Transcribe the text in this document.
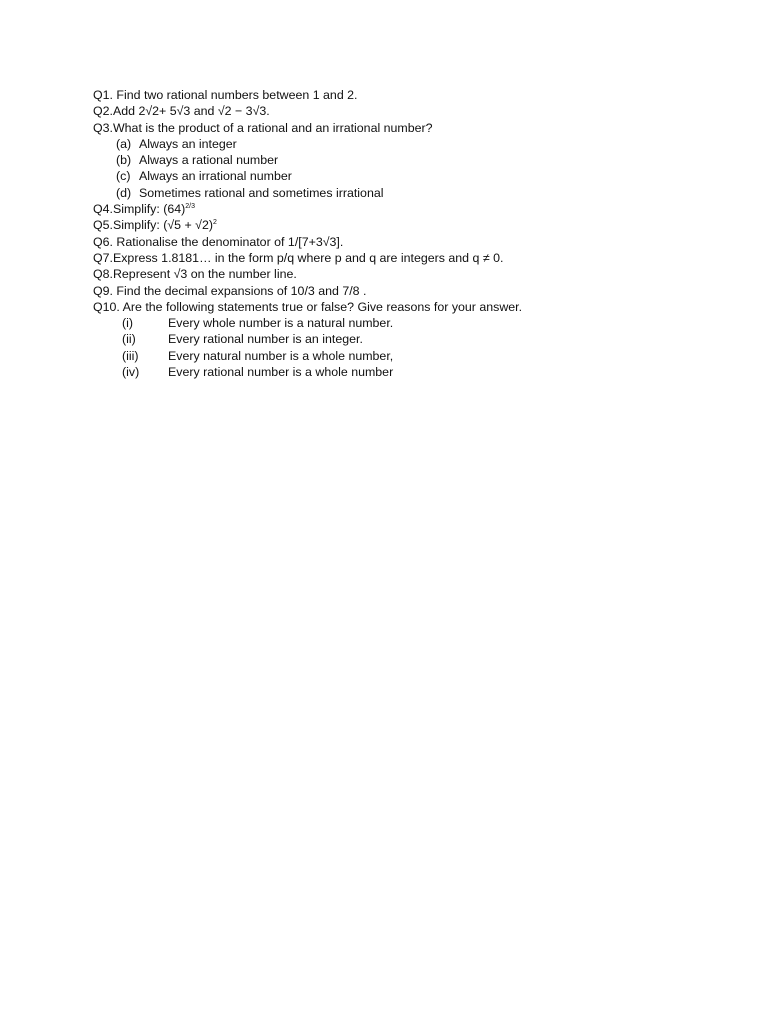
Q1. Find two rational numbers between 1 and 2.
Q2.Add 2√2+ 5√3 and √2 − 3√3.
Q3.What is the product of a rational and an irrational number?
(a) Always an integer
(b) Always a rational number
(c) Always an irrational number
(d) Sometimes rational and sometimes irrational
Q4.Simplify: $(64)^{2/3}$
Q5.Simplify: $(√5 + √2)^2$
Q6. Rationalise the denominator of 1/[7+3√3].
Q7.Express 1.8181… in the form p/q where p and q are integers and q ≠ 0.
Q8.Represent √3 on the number line.
Q9. Find the decimal expansions of 10/3 and 7/8 .
Q10. Are the following statements true or false? Give reasons for your answer.
(i)	Every whole number is a natural number.
(ii)	Every rational number is an integer.
(iii) Every natural number is a whole number,
(iv) Every rational number is a whole number
